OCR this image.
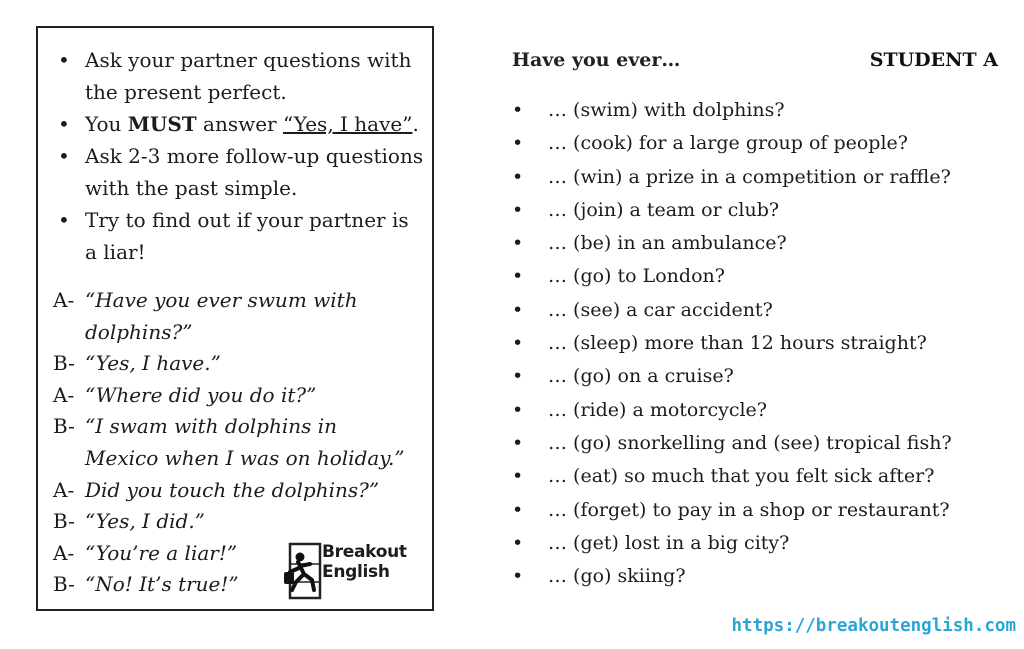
• Ask your partner questions with the present perfect.
• You MUST answer “Yes, I have”.
• Ask 2-3 more follow-up questions with the past simple.
• Try to find out if your partner is a liar!
A- “Have you ever swum with
dolphins?”
B- “Yes, I have.”
A- “Where did you do it?”
B- “I swam with dolphins in
Mexico when I was on holiday.”
A- Did you touch the dolphins?”
B- “Yes, I did.”
A- “You’re a liar!”
B- “No! It’s true!”
Breakout
English
Have you ever…	STUDENT A
• … (swim) with dolphins?
• … (cook) for a large group of people?
• … (win) a prize in a competition or raffle?
• … (join) a team or club?
• … (be) in an ambulance?
• … (go) to London?
• … (see) a car accident?
• … (sleep) more than 12 hours straight?
• … (go) on a cruise?
• … (ride) a motorcycle?
• … (go) snorkelling and (see) tropical fish?
• … (eat) so much that you felt sick after?
• … (forget) to pay in a shop or restaurant?
• … (get) lost in a big city?
• … (go) skiing?
https://breakoutenglish.com
